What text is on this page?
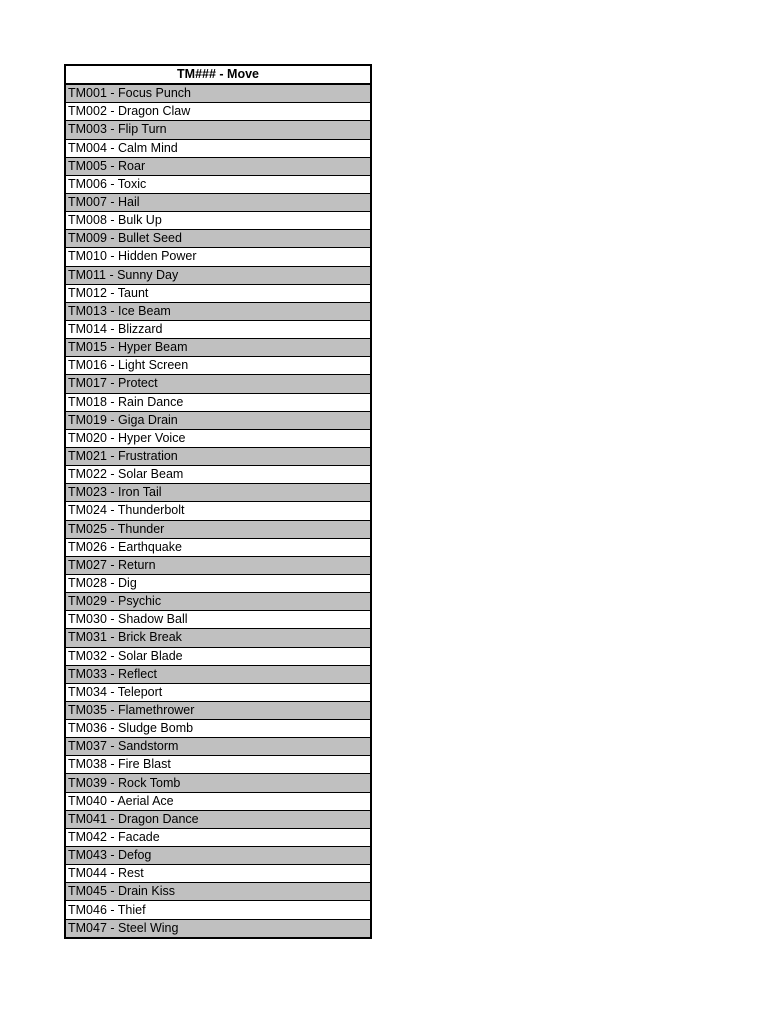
TM### - Move
TM001 - Focus Punch
TM002 - Dragon Claw
TM003 - Flip Turn
TM004 - Calm Mind
TM005 - Roar
TM006 - Toxic
TM007 - Hail
TM008 - Bulk Up
TM009 - Bullet Seed
TM010 - Hidden Power
TM011 - Sunny Day
TM012 - Taunt
TM013 - Ice Beam
TM014 - Blizzard
TM015 - Hyper Beam
TM016 - Light Screen
TM017 - Protect
TM018 - Rain Dance
TM019 - Giga Drain
TM020 - Hyper Voice
TM021 - Frustration
TM022 - Solar Beam
TM023 - Iron Tail
TM024 - Thunderbolt
TM025 - Thunder
TM026 - Earthquake
TM027 - Return
TM028 - Dig
TM029 - Psychic
TM030 - Shadow Ball
TM031 - Brick Break
TM032 - Solar Blade
TM033 - Reflect
TM034 - Teleport
TM035 - Flamethrower
TM036 - Sludge Bomb
TM037 - Sandstorm
TM038 - Fire Blast
TM039 - Rock Tomb
TM040 - Aerial Ace
TM041 - Dragon Dance
TM042 - Facade
TM043 - Defog
TM044 - Rest
TM045 - Drain Kiss
TM046 - Thief
TM047 - Steel Wing
